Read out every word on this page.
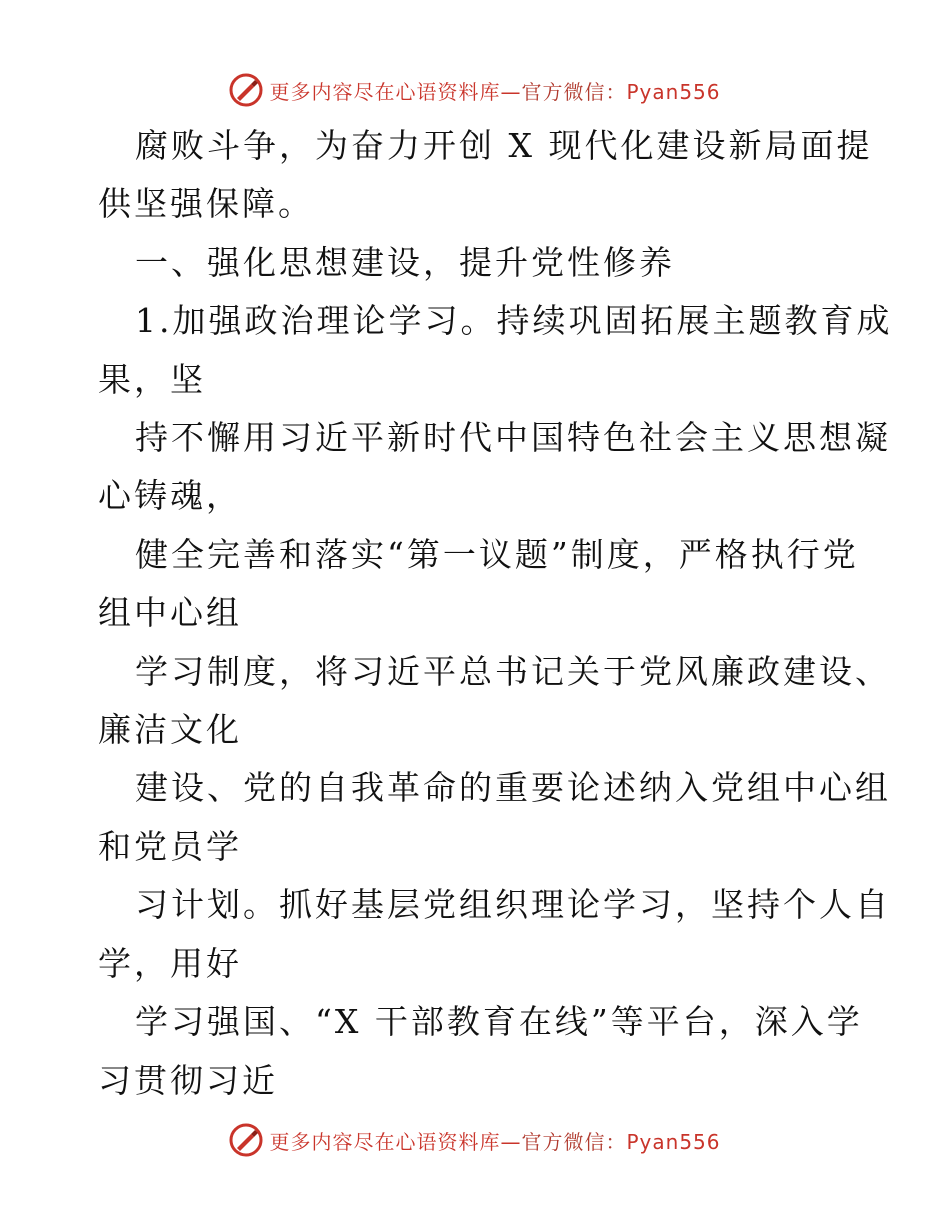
更多内容尽在心语资料库—官方微信：Pyan556
腐败斗争，为奋力开创 X 现代化建设新局面提
供坚强保障。
一、强化思想建设，提升党性修养
1.加强政治理论学习。持续巩固拓展主题教育成
果，坚
持不懈用习近平新时代中国特色社会主义思想凝
心铸魂，
健全完善和落实“第一议题”制度，严格执行党
组中心组
学习制度，将习近平总书记关于党风廉政建设、
廉洁文化
建设、党的自我革命的重要论述纳入党组中心组
和党员学
习计划。抓好基层党组织理论学习，坚持个人自
学，用好
学习强国、“X 干部教育在线”等平台，深入学
习贯彻习近
更多内容尽在心语资料库—官方微信：Pyan556
